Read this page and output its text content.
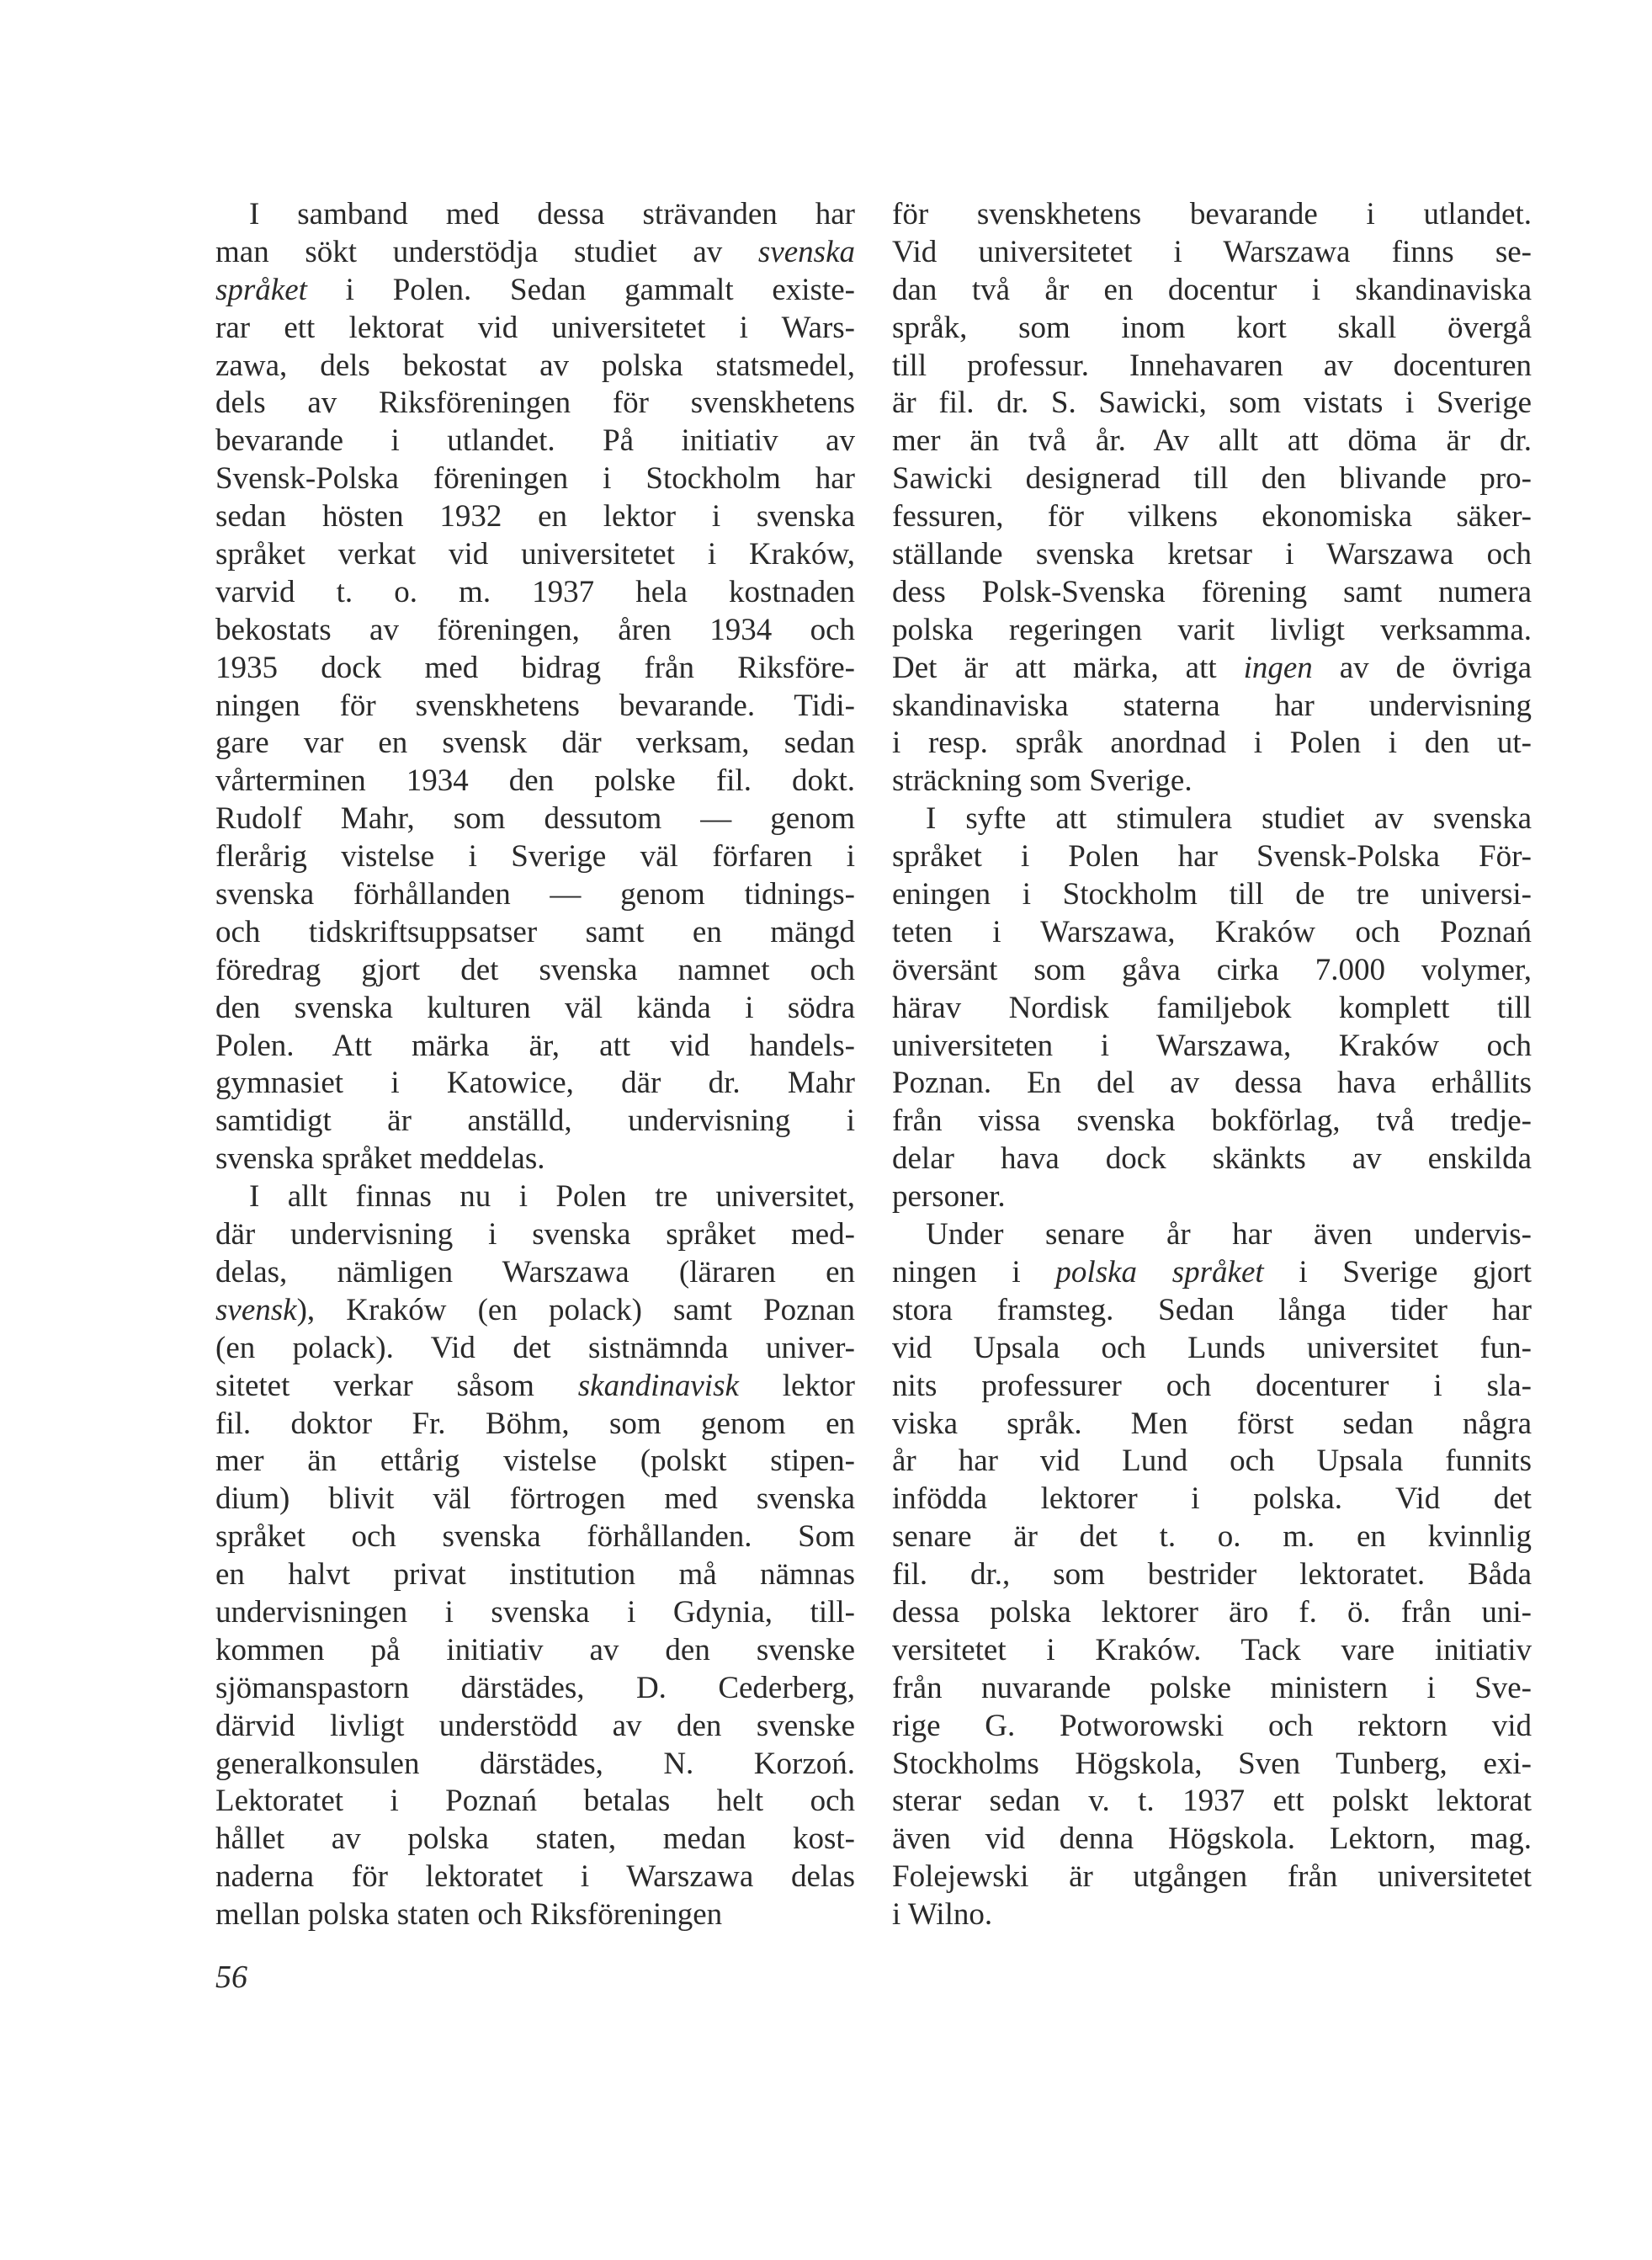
I samband med dessa strävanden har
man sökt understödja studiet av svenska
språket i Polen. Sedan gammalt existe-
rar ett lektorat vid universitetet i Wars-
zawa, dels bekostat av polska statsmedel,
dels av Riksföreningen för svenskhetens
bevarande i utlandet. På initiativ av
Svensk-Polska föreningen i Stockholm har
sedan hösten 1932 en lektor i svenska
språket verkat vid universitetet i Kraków,
varvid t. o. m. 1937 hela kostnaden
bekostats av föreningen, åren 1934 och
1935 dock med bidrag från Riksföre-
ningen för svenskhetens bevarande. Tidi-
gare var en svensk där verksam, sedan
vårterminen 1934 den polske fil. dokt.
Rudolf Mahr, som dessutom — genom
flerårig vistelse i Sverige väl förfaren i
svenska förhållanden — genom tidnings-
och tidskriftsuppsatser samt en mängd
föredrag gjort det svenska namnet och
den svenska kulturen väl kända i södra
Polen. Att märka är, att vid handels-
gymnasiet i Katowice, där dr. Mahr
samtidigt är anställd, undervisning i
svenska språket meddelas.
I allt finnas nu i Polen tre universitet,
där undervisning i svenska språket med-
delas, nämligen Warszawa (läraren en
svensk), Kraków (en polack) samt Poznan
(en polack). Vid det sistnämnda univer-
sitetet verkar såsom skandinavisk lektor
fil. doktor Fr. Böhm, som genom en
mer än ettårig vistelse (polskt stipen-
dium) blivit väl förtrogen med svenska
språket och svenska förhållanden. Som
en halvt privat institution må nämnas
undervisningen i svenska i Gdynia, till-
kommen på initiativ av den svenske
sjömanspastorn därstädes, D. Cederberg,
därvid livligt understödd av den svenske
generalkonsulen därstädes, N. Korzoń.
Lektoratet i Poznań betalas helt och
hållet av polska staten, medan kost-
naderna för lektoratet i Warszawa delas
mellan polska staten och Riksföreningen
för svenskhetens bevarande i utlandet.
Vid universitetet i Warszawa finns se-
dan två år en docentur i skandinaviska
språk, som inom kort skall övergå
till professur. Innehavaren av docenturen
är fil. dr. S. Sawicki, som vistats i Sverige
mer än två år. Av allt att döma är dr.
Sawicki designerad till den blivande pro-
fessuren, för vilkens ekonomiska säker-
ställande svenska kretsar i Warszawa och
dess Polsk-Svenska förening samt numera
polska regeringen varit livligt verksamma.
Det är att märka, att ingen av de övriga
skandinaviska staterna har undervisning
i resp. språk anordnad i Polen i den ut-
sträckning som Sverige.
I syfte att stimulera studiet av svenska
språket i Polen har Svensk-Polska För-
eningen i Stockholm till de tre universi-
teten i Warszawa, Kraków och Poznań
översänt som gåva cirka 7.000 volymer,
härav Nordisk familjebok komplett till
universiteten i Warszawa, Kraków och
Poznan. En del av dessa hava erhållits
från vissa svenska bokförlag, två tredje-
delar hava dock skänkts av enskilda
personer.
Under senare år har även undervis-
ningen i polska språket i Sverige gjort
stora framsteg. Sedan långa tider har
vid Upsala och Lunds universitet fun-
nits professurer och docenturer i sla-
viska språk. Men först sedan några
år har vid Lund och Upsala funnits
infödda lektorer i polska. Vid det
senare är det t. o. m. en kvinnlig
fil. dr., som bestrider lektoratet. Båda
dessa polska lektorer äro f. ö. från uni-
versitetet i Kraków. Tack vare initiativ
från nuvarande polske ministern i Sve-
rige G. Potworowski och rektorn vid
Stockholms Högskola, Sven Tunberg, exi-
sterar sedan v. t. 1937 ett polskt lektorat
även vid denna Högskola. Lektorn, mag.
Folejewski är utgången från universitetet
i Wilno.
56
